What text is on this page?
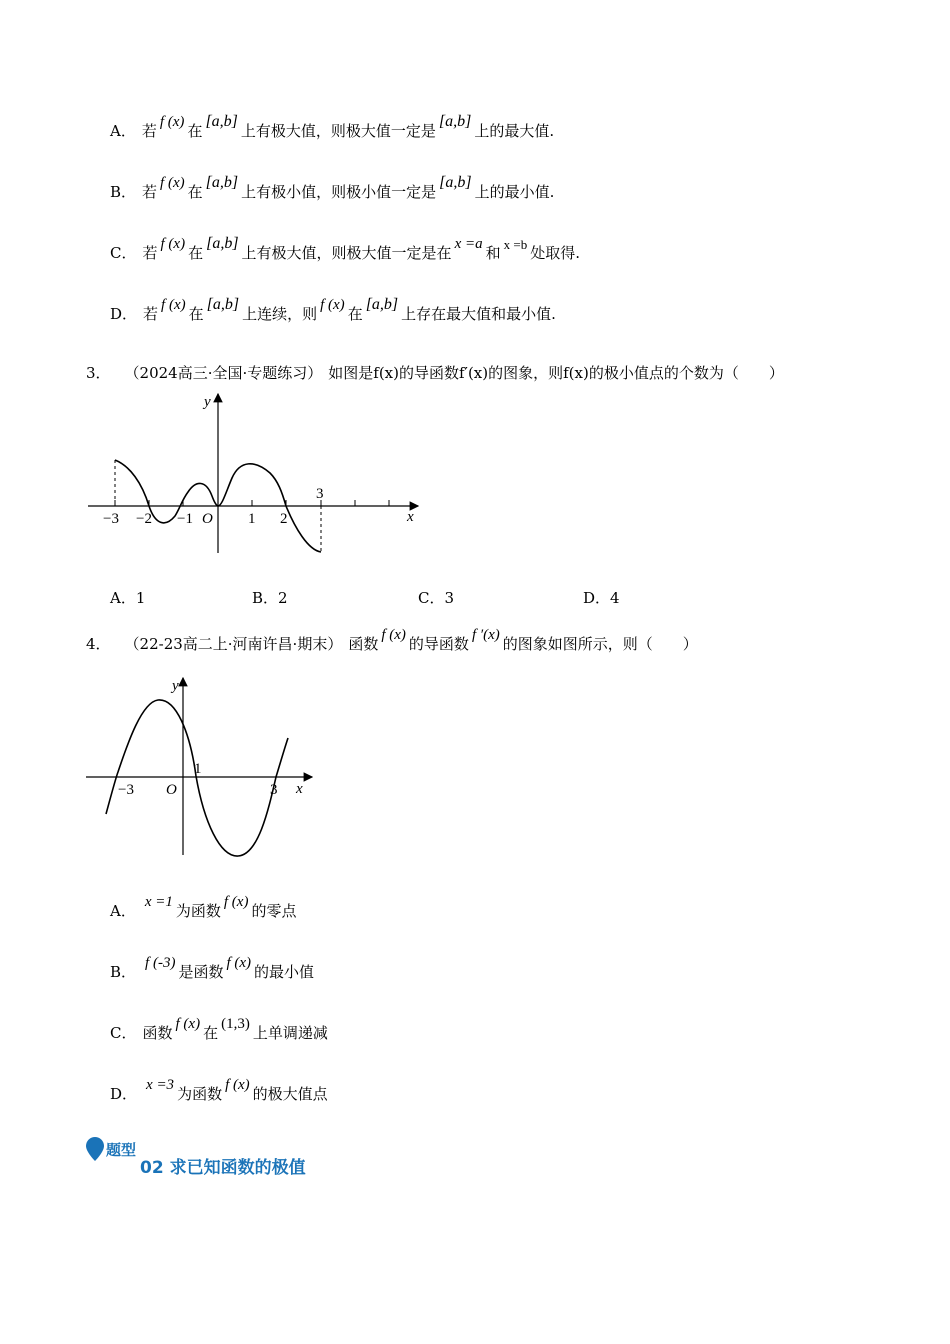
A． 若 f (x) 在
[a,b]
上有极大值，则极大值一定是
[a,b]
上的最大值.
B． 若 f (x) 在
[a,b]
上有极小值，则极小值一定是
[a,b]
上的最小值.
C． 若 f (x) 在
[a,b]
上有极大值，则极大值一定是在 x =a 和 x =b 处取得.
D． 若 f (x) 在
[a,b]
上连续，则 f (x) 在
[a,b]
上存在最大值和最小值.
3． （2024高三·全国·专题练习） 如图是f(x)的导函数f′(x)的图象，则f(x)的极小值点的个数为（　　）
y
x
O
−3 −2 −1	1 2
3
A．1	B．2	C．3	D．4
4． （22-23高二上·河南许昌·期末） 函数 f (x) 的导函数 f ′(x) 的图象如图所示，则（　　）
y
x
O
−3
1
3
A． x =1 为函数 f (x) 的零点
B． f (-3) 是函数 f (x) 的最小值
C． 函数 f (x) 在 (1,3) 上单调递减
D． x =3 为函数 f (x) 的极大值点
题型
02 求已知函数的极值
